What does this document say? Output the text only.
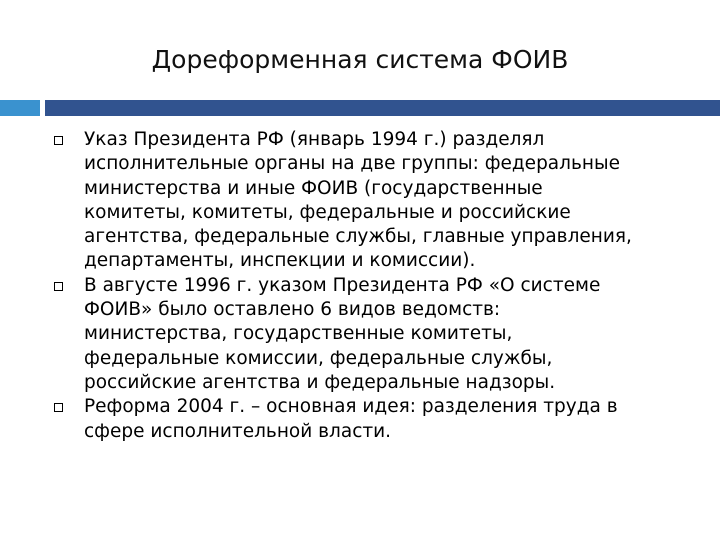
Дореформенная система ФОИВ
Указ Президента РФ (январь 1994 г.) разделял
исполнительные органы на две группы: федеральные
министерства и иные ФОИВ (государственные
комитеты, комитеты, федеральные и российские
агентства, федеральные службы, главные управления,
департаменты, инспекции и комиссии).
В августе 1996 г. указом Президента РФ «О системе
ФОИВ» было оставлено 6 видов ведомств:
министерства, государственные комитеты,
федеральные комиссии, федеральные службы,
российские агентства и федеральные надзоры.
Реформа 2004 г. – основная идея: разделения труда в
сфере исполнительной власти.
